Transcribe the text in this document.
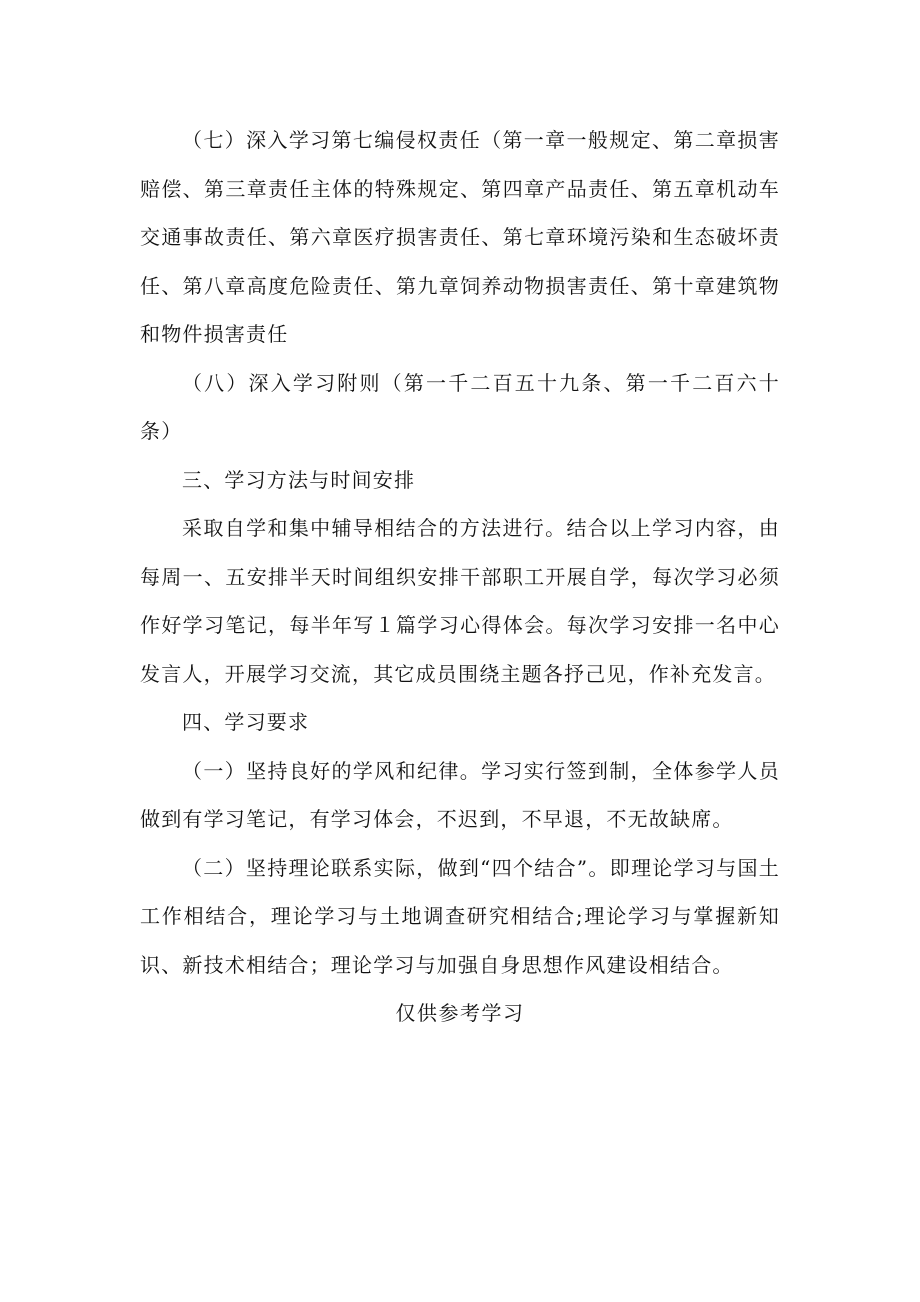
（七）深入学习第七编侵权责任（第一章一般规定、第二章损害赔偿、第三章责任主体的特殊规定、第四章产品责任、第五章机动车交通事故责任、第六章医疗损害责任、第七章环境污染和生态破坏责任、第八章高度危险责任、第九章饲养动物损害责任、第十章建筑物和物件损害责任

（八）深入学习附则（第一千二百五十九条、第一千二百六十条）

三、学习方法与时间安排

采取自学和集中辅导相结合的方法进行。结合以上学习内容，由每周一、五安排半天时间组织安排干部职工开展自学，每次学习必须作好学习笔记，每半年写１篇学习心得体会。每次学习安排一名中心发言人，开展学习交流，其它成员围绕主题各抒己见，作补充发言。

四、学习要求

（一）坚持良好的学风和纪律。学习实行签到制，全体参学人员做到有学习笔记，有学习体会，不迟到，不早退，不无故缺席。

（二）坚持理论联系实际，做到“四个结合”。即理论学习与国土工作相结合，理论学习与土地调查研究相结合;理论学习与掌握新知识、新技术相结合；理论学习与加强自身思想作风建设相结合。

仅供参考学习
